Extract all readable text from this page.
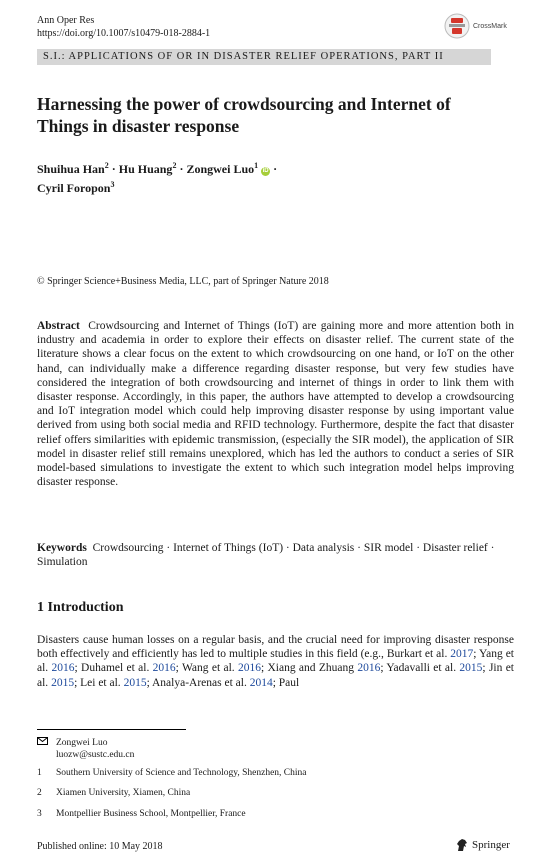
Ann Oper Res
https://doi.org/10.1007/s10479-018-2884-1
CrossMark
S.I.: APPLICATIONS OF OR IN DISASTER RELIEF OPERATIONS, PART II
Harnessing the power of crowdsourcing and Internet of Things in disaster response
Shuihua Han$^2$ · Hu Huang$^2$ · Zongwei Luo$^1$ iD ·
Cyril Foropon$^3$
© Springer Science+Business Media, LLC, part of Springer Nature 2018
Abstract Crowdsourcing and Internet of Things (IoT) are gaining more and more attention both in industry and academia in order to explore their effects on disaster relief. The current state of the literature shows a clear focus on the extent to which crowdsourcing on one hand, or IoT on the other hand, can individually make a difference regarding disaster response, but very few studies have considered the integration of both crowdsourcing and internet of things in order to link them with disaster response. Accordingly, in this paper, the authors have attempted to develop a crowdsourcing and IoT integration model which could help improving disaster response by using important value derived from using both social media and RFID technology. Furthermore, despite the fact that disaster relief offers similarities with epidemic transmission, (especially the SIR model), the application of SIR model in disaster relief still remains unexplored, which has led the authors to conduct a series of SIR model-based simulations to investigate the extent to which such integration model helps improving disaster response.
Keywords Crowdsourcing · Internet of Things (IoT) · Data analysis · SIR model · Disaster relief · Simulation
1 Introduction
Disasters cause human losses on a regular basis, and the crucial need for improving disaster response both effectively and efficiently has led to multiple studies in this field (e.g., Burkart et al. 2017; Yang et al. 2016; Duhamel et al. 2016; Wang et al. 2016; Xiang and Zhuang 2016; Yadavalli et al. 2015; Jin et al. 2015; Lei et al. 2015; Analya-Arenas et al. 2014; Paul
Zongwei Luo
luozw@sustc.edu.cn
1 Southern University of Science and Technology, Shenzhen, China
2 Xiamen University, Xiamen, China
3 Montpellier Business School, Montpellier, France
Published online: 10 May 2018	Springer
